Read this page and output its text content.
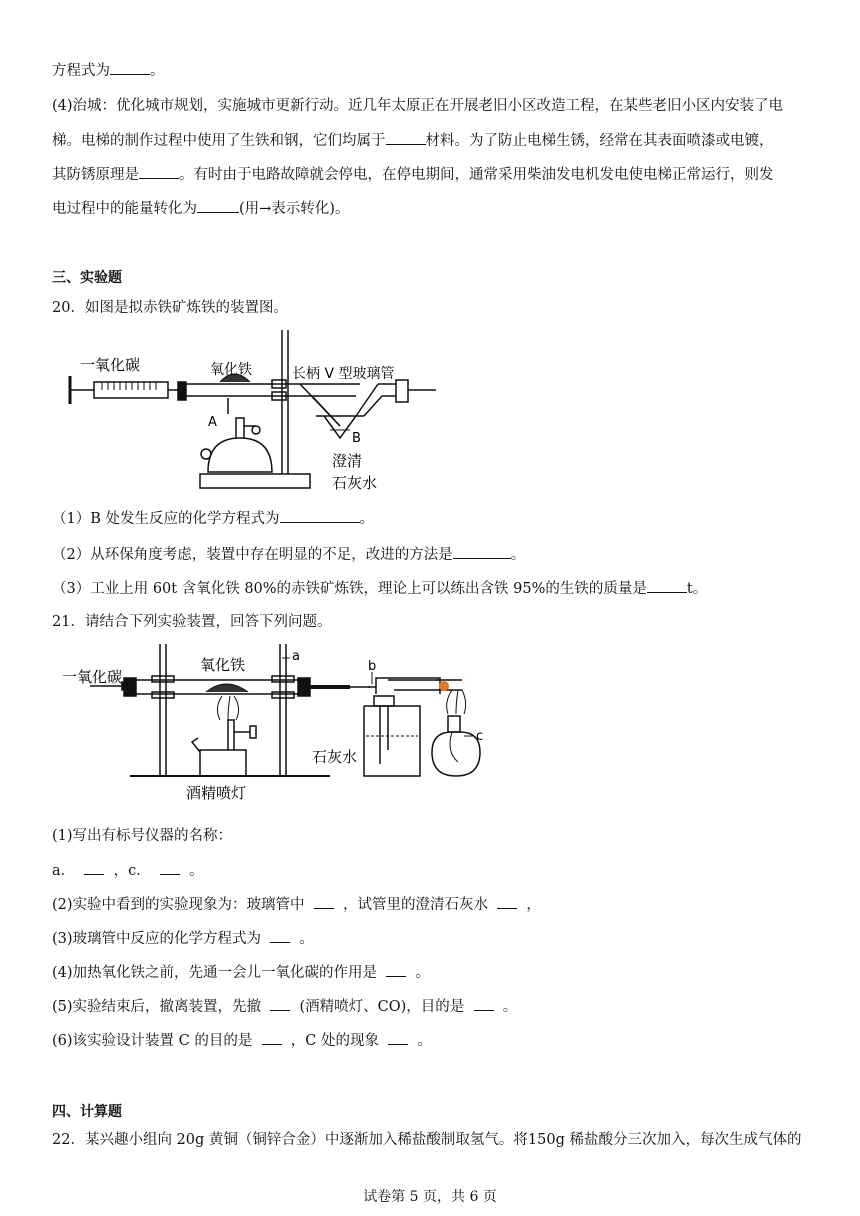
方程式为	。
(4)治城：优化城市规划，实施城市更新行动。近几年太原正在开展老旧小区改造工程，在某些老旧小区内安装了电
梯。电梯的制作过程中使用了生铁和钢，它们均属于	材料。为了防止电梯生锈，经常在其表面喷漆或电镀，
其防锈原理是	。有时由于电路故障就会停电，在停电期间，通常采用柴油发电机发电使电梯正常运行，则发
电过程中的能量转化为	(用→表示转化)。
三、实验题
20．如图是拟赤铁矿炼铁的装置图。
一氧化碳	氧化铁	长柄 V 型玻璃管
A
B
澄清
石灰水
（1）B 处发生反应的化学方程式为	。
（2）从环保角度考虑，装置中存在明显的不足，改进的方法是	。
（3）工业上用 60t 含氧化铁 80%的赤铁矿炼铁，理论上可以练出含铁 95%的生铁的质量是	t。
21．请结合下列实验装置，回答下列问题。
一氧化碳
氧化铁	a
b
c
石灰水
酒精喷灯
(1)写出有标号仪器的名称：
a．	，c．	。
(2)实验中看到的实验现象为：玻璃管中	，试管里的澄清石灰水	，
(3)玻璃管中反应的化学方程式为	。
(4)加热氧化铁之前，先通一会儿一氧化碳的作用是	。
(5)实验结束后，撤离装置，先撤	(酒精喷灯、CO)，目的是	。
(6)该实验设计装置 C 的目的是	，C 处的现象	。
四、计算题
22．某兴趣小组向 20g 黄铜（铜锌合金）中逐渐加入稀盐酸制取氢气。将150g 稀盐酸分三次加入，每次生成气体的
试卷第 5 页，共 6 页
